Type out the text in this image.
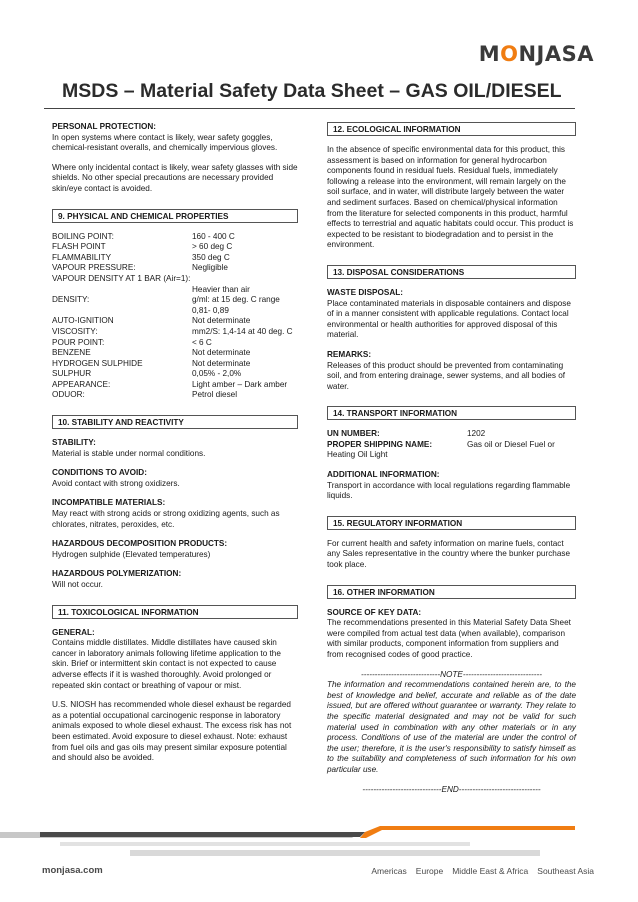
MONJASA
MSDS – Material Safety Data Sheet – GAS OIL/DIESEL
PERSONAL PROTECTION:

In open systems where contact is likely, wear safety goggles, chemical-resistant overalls, and chemically impervious gloves.

Where only incidental contact is likely, wear safety glasses with side shields. No other special precautions are necessary provided skin/eye contact is avoided.

9. PHYSICAL AND CHEMICAL PROPERTIES
BOILING POINT:	160 - 400 C
FLASH POINT	> 60 deg C
FLAMMABILITY	350 deg C
VAPOUR PRESSURE:	Negligible
VAPOUR DENSITY AT 1 BAR (Air=1):
Heavier than air
DENSITY:	g/ml: at 15 deg. C range 0,81- 0,89
AUTO-IGNITION	Not determinate
VISCOSITY:	mm2/S: 1,4-14 at 40 deg. C
POUR POINT:	< 6 C
BENZENE	Not determinate
HYDROGEN SULPHIDE	Not determinate
SULPHUR	0,05% - 2,0%
APPEARANCE:	Light amber – Dark amber
ODUOR:	Petrol diesel
10. STABILITY AND REACTIVITY
STABILITY:

Material is stable under normal conditions.

CONDITIONS TO AVOID:

Avoid contact with strong oxidizers.

INCOMPATIBLE MATERIALS:

May react with strong acids or strong oxidizing agents, such as chlorates, nitrates, peroxides, etc.

HAZARDOUS DECOMPOSITION PRODUCTS:

Hydrogen sulphide (Elevated temperatures)

HAZARDOUS POLYMERIZATION:

Will not occur.

11. TOXICOLOGICAL INFORMATION
GENERAL:

Contains middle distillates. Middle distillates have caused skin cancer in laboratory animals following lifetime application to the skin. Brief or intermittent skin contact is not expected to cause adverse effects if it is washed thoroughly. Avoid prolonged or repeated skin contact or breathing of vapour or mist.

U.S. NIOSH has recommended whole diesel exhaust be regarded as a potential occupational carcinogenic response in laboratory animals exposed to whole diesel exhaust. The excess risk has not been estimated. Avoid exposure to diesel exhaust. Note: exhaust from fuel oils and gas oils may present similar exposure potential and should also be avoided.

12. ECOLOGICAL INFORMATION

In the absence of specific environmental data for this product, this assessment is based on information for general hydrocarbon components found in residual fuels. Residual fuels, immediately following a release into the environment, will remain largely on the soil surface, and in water, will distribute largely between the water and sediment surfaces. Based on chemical/physical information from the literature for selected components in this product, harmful effects to terrestrial and aquatic habitats could occur. This product is expected to be resistant to biodegradation and to persist in the environment.

13. DISPOSAL CONSIDERATIONS
WASTE DISPOSAL:

Place contaminated materials in disposable containers and dispose of in a manner consistent with applicable regulations. Contact local environmental or health authorities for approved disposal of this material.

REMARKS:

Releases of this product should be prevented from contaminating soil, and from entering drainage, sewer systems, and all bodies of water.

14. TRANSPORT INFORMATION
UN NUMBER:	1202
PROPER SHIPPING NAME:	Gas oil or Diesel Fuel or

Heating Oil Light

ADDITIONAL INFORMATION:

Transport in accordance with local regulations regarding flammable liquids.

15. REGULATORY INFORMATION

For current health and safety information on marine fuels, contact any Sales representative in the country where the bunker purchase took place.

16. OTHER INFORMATION
SOURCE OF KEY DATA:

The recommendations presented in this Material Safety Data Sheet were compiled from actual test data (when available), comparison with similar products, component information from suppliers and from recognised codes of good practice.

-----------------------------NOTE-----------------------------

The information and recommendations contained herein are, to the best of knowledge and belief, accurate and reliable as of the date issued, but are offered without guarantee or warranty. They relate to the specific material designated and may not be valid for such material used in combination with any other materials or in any process. Conditions of use of the material are under the control of the user; therefore, it is the user's responsibility to satisfy himself as to the suitability and completeness of such information for his own particular use.

-----------------------------END------------------------------
monjasa.com	Americas Europe Middle East & Africa Southeast Asia
